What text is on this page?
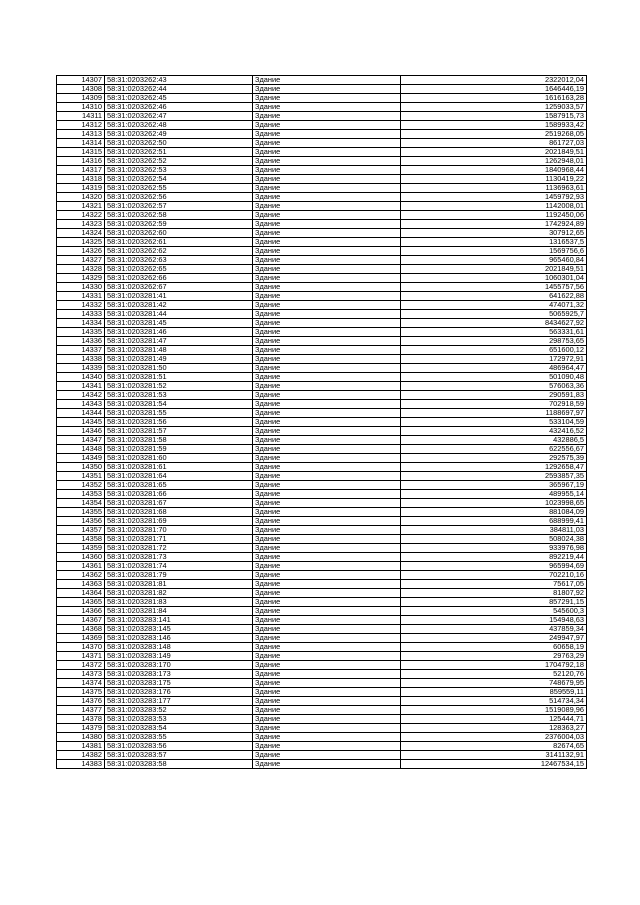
14307	58:31:0203262:43	Здание	2322012,04
14308	58:31:0203262:44	Здание	1646446,19
14309	58:31:0203262:45	Здание	1616163,28
14310	58:31:0203262:46	Здание	1259033,57
14311	58:31:0203262:47	Здание	1587915,73
14312	58:31:0203262:48	Здание	1589933,42
14313	58:31:0203262:49	Здание	2519268,05
14314	58:31:0203262:50	Здание	861727,03
14315	58:31:0203262:51	Здание	2021849,51
14316	58:31:0203262:52	Здание	1262948,01
14317	58:31:0203262:53	Здание	1840968,44
14318	58:31:0203262:54	Здание	1130419,22
14319	58:31:0203262:55	Здание	1136963,61
14320	58:31:0203262:56	Здание	1459792,93
14321	58:31:0203262:57	Здание	1142008,01
14322	58:31:0203262:58	Здание	1192450,06
14323	58:31:0203262:59	Здание	1742924,89
14324	58:31:0203262:60	Здание	307912,65
14325	58:31:0203262:61	Здание	1316537,5
14326	58:31:0203262:62	Здание	1569756,6
14327	58:31:0203262:63	Здание	965460,84
14328	58:31:0203262:65	Здание	2021849,51
14329	58:31:0203262:66	Здание	1060301,04
14330	58:31:0203262:67	Здание	1455757,56
14331	58:31:0203281:41	Здание	641622,88
14332	58:31:0203281:42	Здание	474071,32
14333	58:31:0203281:44	Здание	5065925,7
14334	58:31:0203281:45	Здание	8434627,92
14335	58:31:0203281:46	Здание	563331,61
14336	58:31:0203281:47	Здание	298753,65
14337	58:31:0203281:48	Здание	651600,12
14338	58:31:0203281:49	Здание	172972,91
14339	58:31:0203281:50	Здание	486964,47
14340	58:31:0203281:51	Здание	501090,48
14341	58:31:0203281:52	Здание	576063,36
14342	58:31:0203281:53	Здание	290591,83
14343	58:31:0203281:54	Здание	702918,59
14344	58:31:0203281:55	Здание	1188697,97
14345	58:31:0203281:56	Здание	533104,59
14346	58:31:0203281:57	Здание	432416,52
14347	58:31:0203281:58	Здание	432886,5
14348	58:31:0203281:59	Здание	622556,67
14349	58:31:0203281:60	Здание	292575,39
14350	58:31:0203281:61	Здание	1292658,47
14351	58:31:0203281:64	Здание	2593857,35
14352	58:31:0203281:65	Здание	365967,19
14353	58:31:0203281:66	Здание	489955,14
14354	58:31:0203281:67	Здание	1023998,65
14355	58:31:0203281:68	Здание	881084,09
14356	58:31:0203281:69	Здание	688999,41
14357	58:31:0203281:70	Здание	384811,03
14358	58:31:0203281:71	Здание	508024,38
14359	58:31:0203281:72	Здание	933976,98
14360	58:31:0203281:73	Здание	892219,44
14361	58:31:0203281:74	Здание	965994,69
14362	58:31:0203281:79	Здание	702210,16
14363	58:31:0203281:81	Здание	75617,05
14364	58:31:0203281:82	Здание	81807,92
14365	58:31:0203281:83	Здание	857291,15
14366	58:31:0203281:84	Здание	545600,3
14367	58:31:0203283:141	Здание	154948,63
14368	58:31:0203283:145	Здание	437859,34
14369	58:31:0203283:146	Здание	249947,97
14370	58:31:0203283:148	Здание	60658,19
14371	58:31:0203283:149	Здание	29763,29
14372	58:31:0203283:170	Здание	1704792,18
14373	58:31:0203283:173	Здание	52120,76
14374	58:31:0203283:175	Здание	748679,95
14375	58:31:0203283:176	Здание	859559,11
14376	58:31:0203283:177	Здание	514734,34
14377	58:31:0203283:52	Здание	1519089,96
14378	58:31:0203283:53	Здание	125444,71
14379	58:31:0203283:54	Здание	128363,27
14380	58:31:0203283:55	Здание	2376004,03
14381	58:31:0203283:56	Здание	82674,65
14382	58:31:0203283:57	Здание	3141132,91
14383	58:31:0203283:58	Здание	12467534,15
